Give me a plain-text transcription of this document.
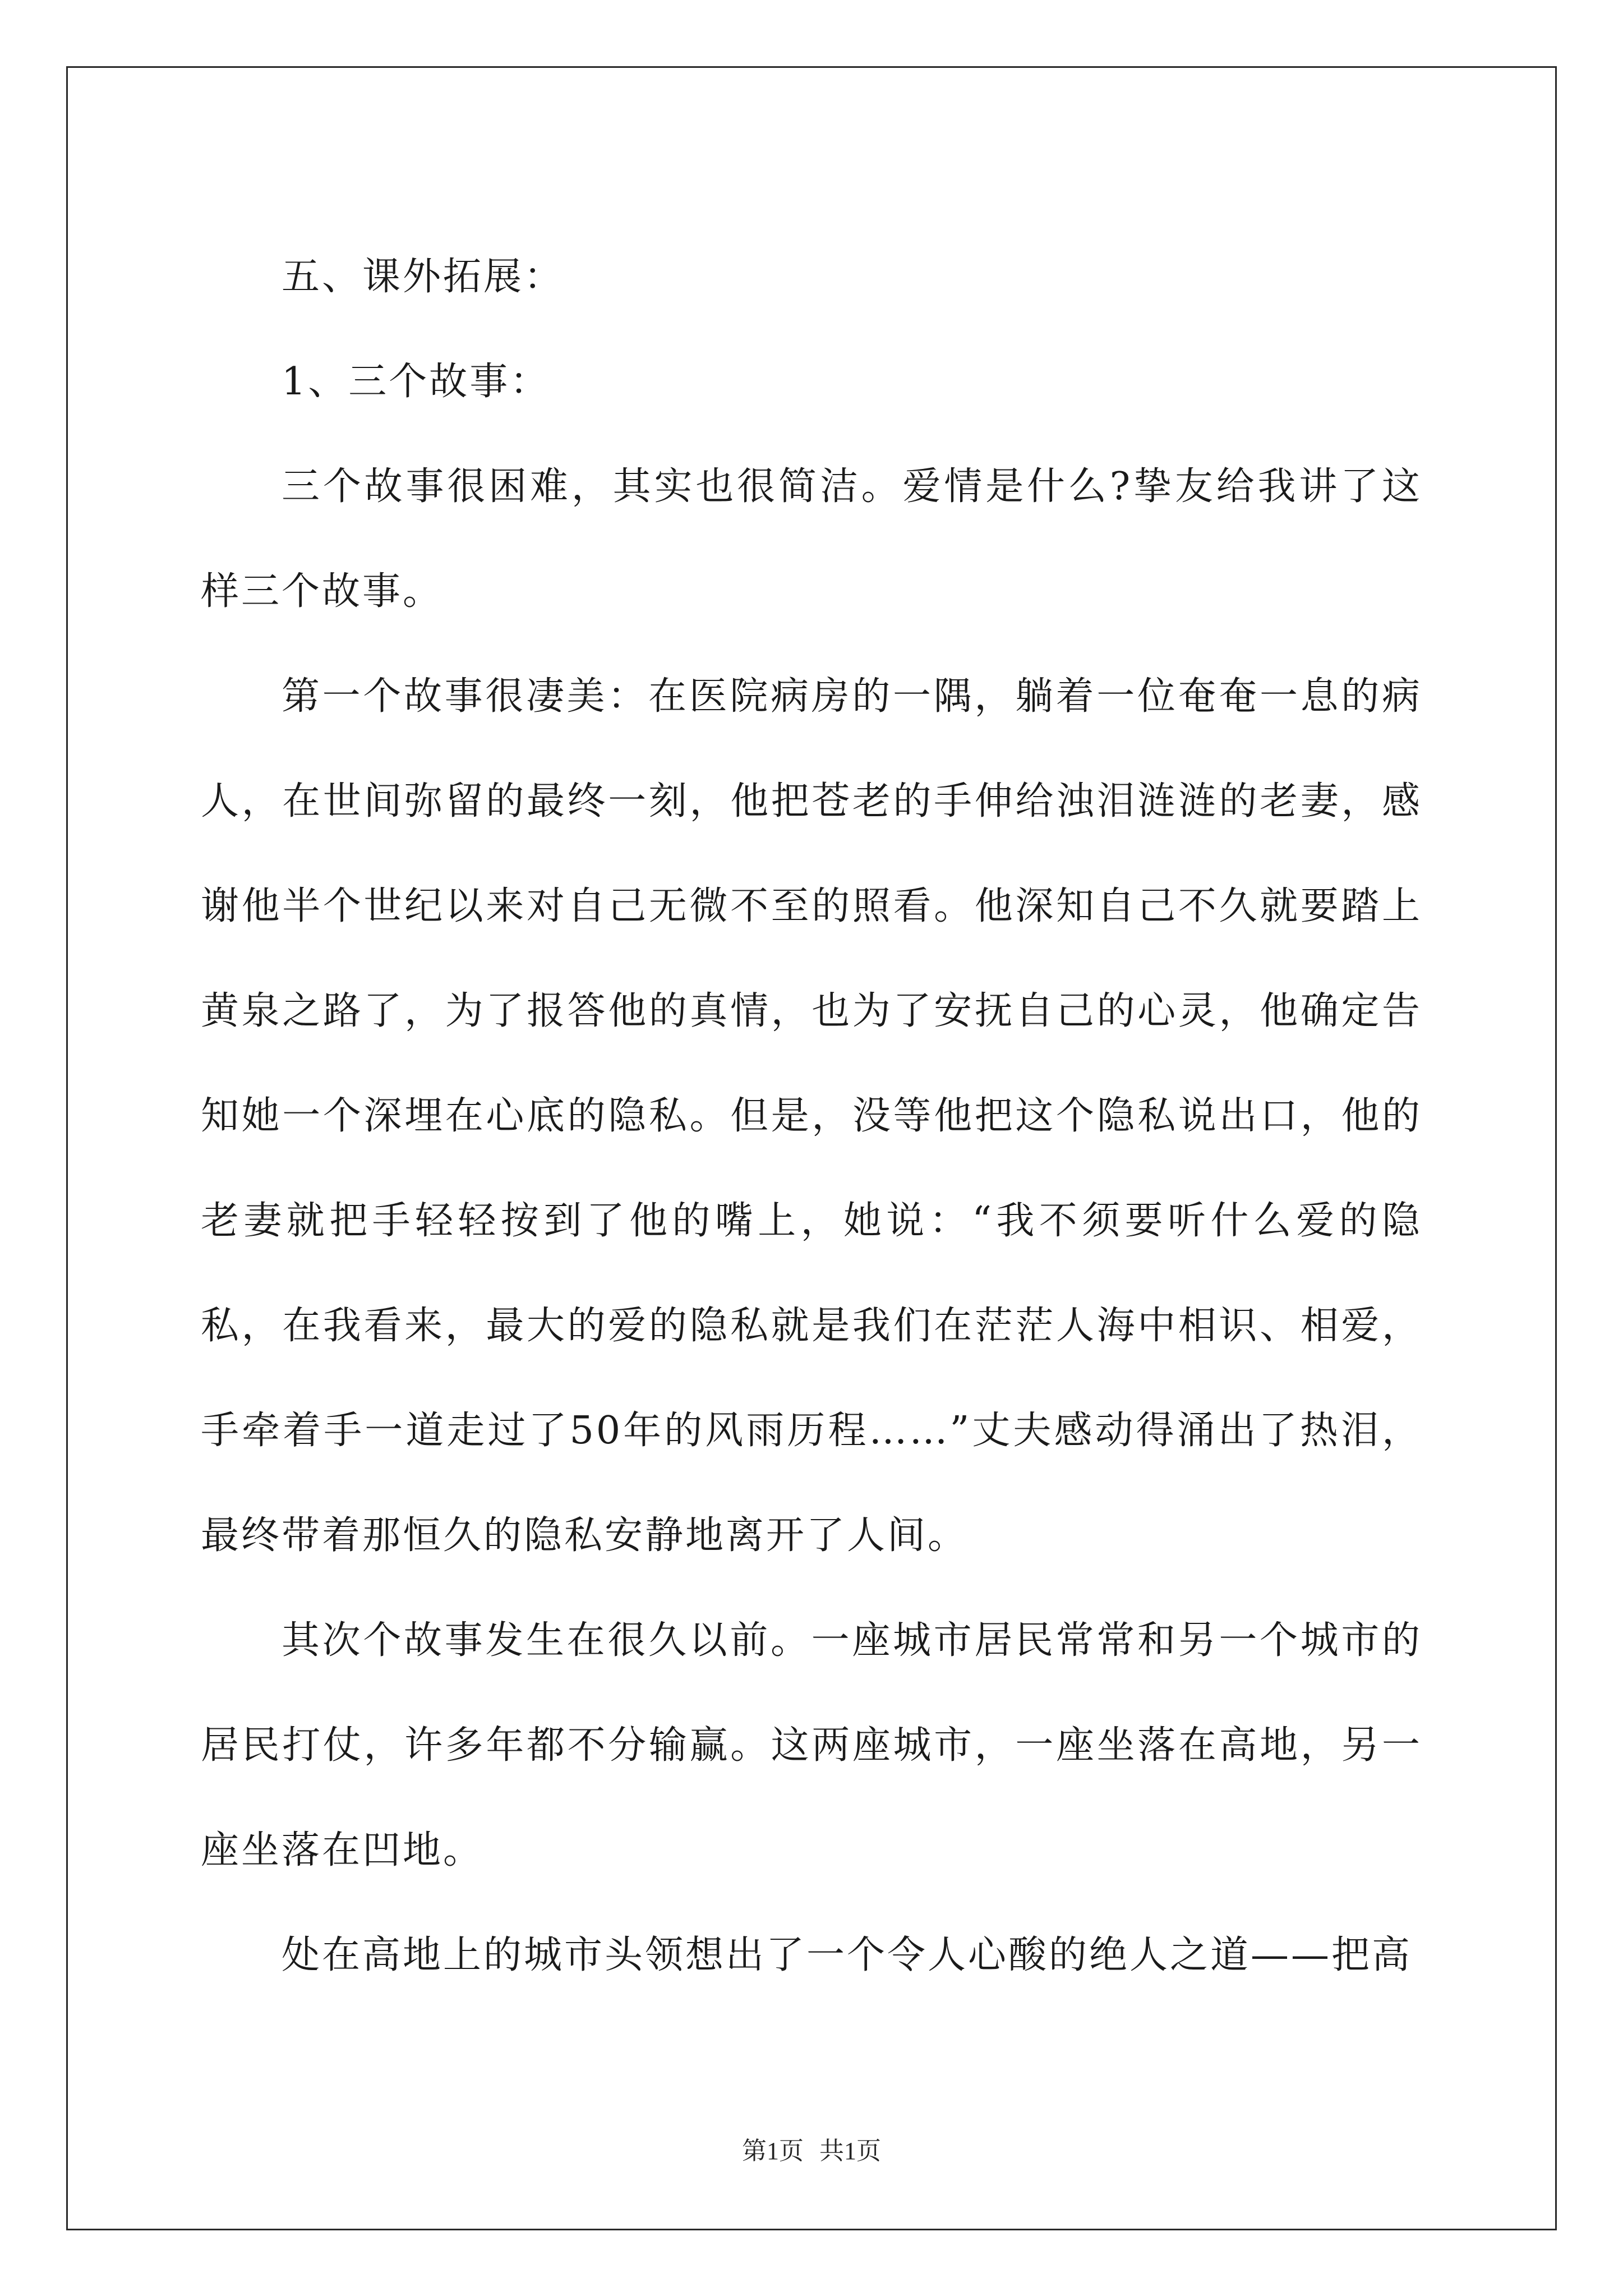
五、课外拓展：

1、三个故事：

三个故事很困难，其实也很简洁。爱情是什么?挚友给我讲了这样三个故事。

第一个故事很凄美：在医院病房的一隅，躺着一位奄奄一息的病人，在世间弥留的最终一刻，他把苍老的手伸给浊泪涟涟的老妻，感谢他半个世纪以来对自己无微不至的照看。他深知自己不久就要踏上黄泉之路了，为了报答他的真情，也为了安抚自己的心灵，他确定告知她一个深埋在心底的隐私。但是，没等他把这个隐私说出口，他的老妻就把手轻轻按到了他的嘴上，她说：“我不须要听什么爱的隐私，在我看来，最大的爱的隐私就是我们在茫茫人海中相识、相爱，手牵着手一道走过了50年的风雨历程……”丈夫感动得涌出了热泪，最终带着那恒久的隐私安静地离开了人间。

其次个故事发生在很久以前。一座城市居民常常和另一个城市的居民打仗，许多年都不分输赢。这两座城市，一座坐落在高地，另一座坐落在凹地。

处在高地上的城市头领想出了一个令人心酸的绝人之道——把高

第1页 共1页
